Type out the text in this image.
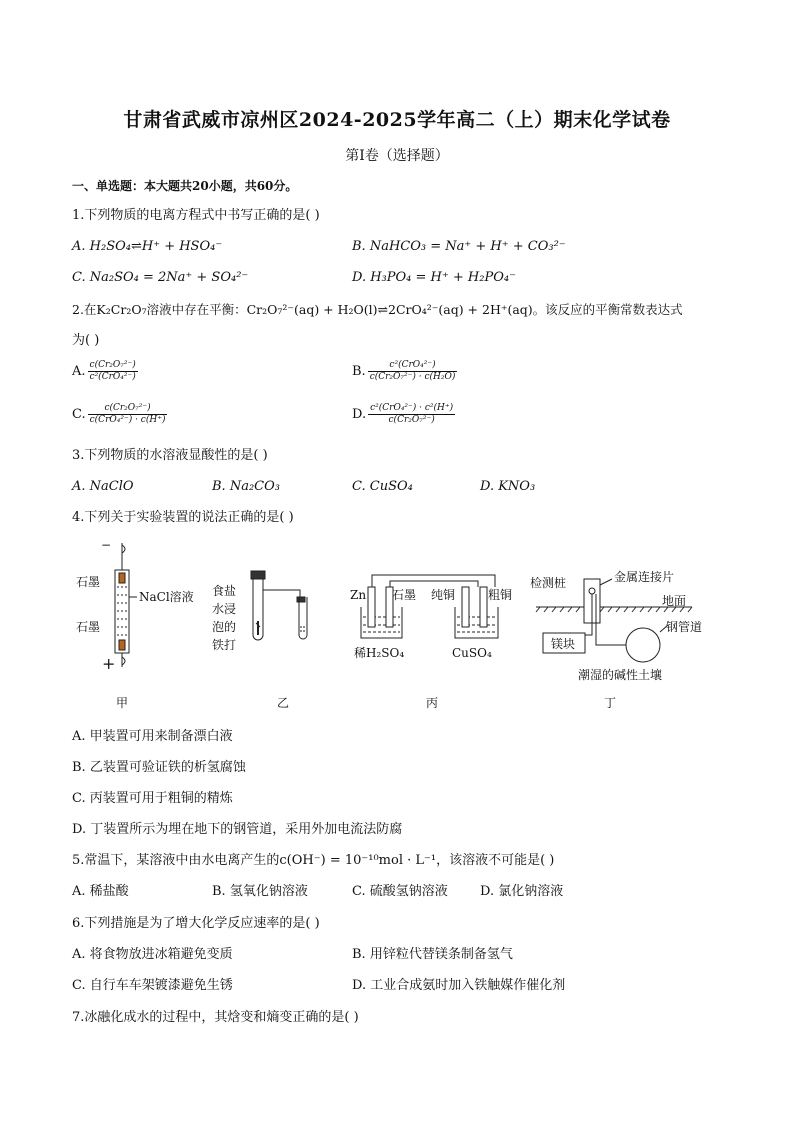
甘肃省武威市凉州区2024-2025学年高二（上）期末化学试卷
第I卷（选择题）
一、单选题：本大题共20小题，共60分。
1.下列物质的电离方程式中书写正确的是( )
A. H₂SO₄⇌H⁺ + HSO₄⁻	B. NaHCO₃ = Na⁺ + H⁺ + CO₃²⁻
C. Na₂SO₄ = 2Na⁺ + SO₄²⁻	D. H₃PO₄ = H⁺ + H₂PO₄⁻
2.在K₂Cr₂O₇溶液中存在平衡：Cr₂O₇²⁻(aq) + H₂O(l)⇌2CrO₄²⁻(aq) + 2H⁺(aq)。该反应的平衡常数表达式
为( )
A. $\frac{\text{c(Cr₂O₇²⁻)}}{\text{c²(CrO₄²⁻)}}$	B. $\frac{\text{c²(CrO₄²⁻)}}{\text{c(Cr₂O₇²⁻) · c(H₂O)}}$
C. $\frac{\text{c(Cr₂O₇²⁻)}}{\text{c(CrO₄²⁻) · c(H⁺)}}$	D. $\frac{\text{c²(CrO₄²⁻) · c²(H⁺)}}{\text{c(Cr₂O₇²⁻)}}$
3.下列物质的水溶液显酸性的是( )
A. NaClO	B. Na₂CO₃	C. CuSO₄	D. KNO₃
4.下列关于实验装置的说法正确的是( )
−
+
石墨
石墨
NaCl溶液
甲
食盐
水浸
泡的
铁打
乙
Zn 石墨 纯铜	粗铜
稀H₂SO₄	CuSO₄
丙
检测桩	金属连接片
地面
镁块
钢管道
潮湿的碱性土壤
丁
A. 甲装置可用来制备漂白液
B. 乙装置可验证铁的析氢腐蚀
C. 丙装置可用于粗铜的精炼
D. 丁装置所示为埋在地下的钢管道，采用外加电流法防腐
5.常温下，某溶液中由水电离产生的c(OH⁻) = 10⁻¹⁰mol · L⁻¹，该溶液不可能是( )
A. 稀盐酸	B. 氢氧化钠溶液	C. 硫酸氢钠溶液 D. 氯化钠溶液
6.下列措施是为了增大化学反应速率的是( )
A. 将食物放进冰箱避免变质	B. 用锌粒代替镁条制备氢气
C. 自行车车架镀漆避免生锈	D. 工业合成氨时加入铁触媒作催化剂
7.冰融化成水的过程中，其焓变和熵变正确的是( )
